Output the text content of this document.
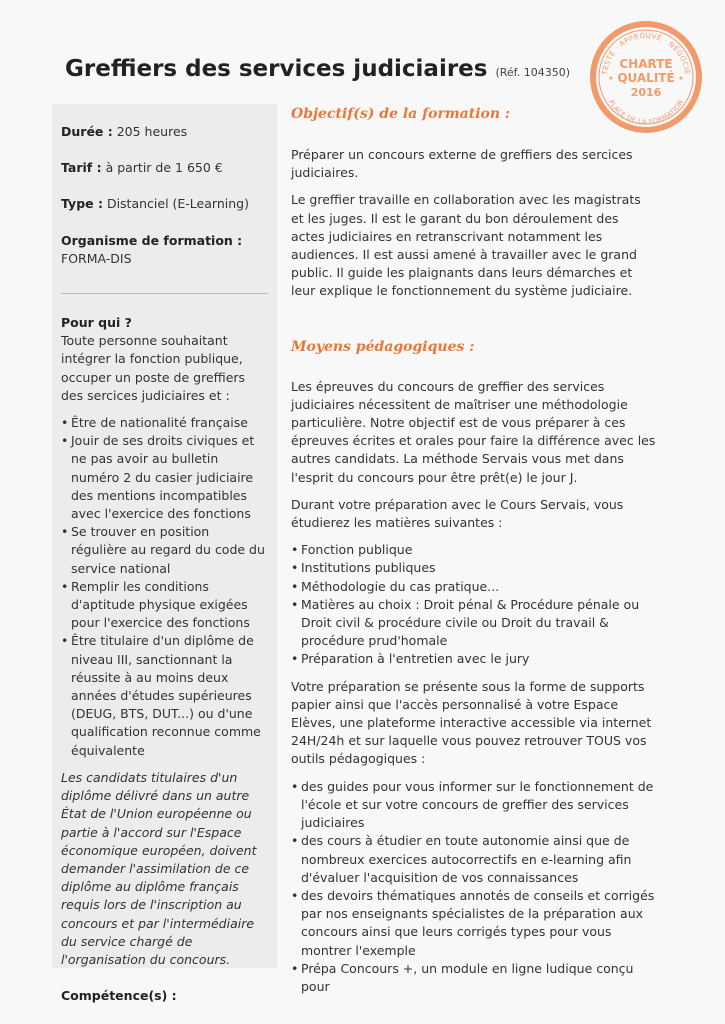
Greffiers des services judiciaires (Réf. 104350)	TESTÉ · APPROUVÉ · NÉGOCIÉ
PLACE DE LA FORMATION
CHARTE
QUALITÉ
2016
★	★

Durée : 205 heures

Tarif : à partir de 1 650 €

Type : Distanciel (E-Learning)

Organisme de formation :
FORMA-DIS

Pour qui ?
Toute personne souhaitant intégrer la fonction publique, occuper un poste de greffiers des sercices judiciaires et :

• Être de nationalité française
• Jouir de ses droits civiques et ne pas avoir au bulletin numéro 2 du casier judiciaire des mentions incompatibles avec l'exercice des fonctions
• Se trouver en position régulière au regard du code du service national
• Remplir les conditions d'aptitude physique exigées pour l'exercice des fonctions
• Être titulaire d'un diplôme de niveau III, sanctionnant la réussite à au moins deux années d'études supérieures (DEUG, BTS, DUT...) ou d'une qualification reconnue comme équivalente

Les candidats titulaires d'un diplôme délivré dans un autre État de l'Union européenne ou partie à l'accord sur l'Espace économique européen, doivent demander l'assimilation de ce diplôme au diplôme français requis lors de l'inscription au concours et par l'intermédiaire du service chargé de l'organisation du concours.

Compétence(s) :

Objectif(s) de la formation :

Préparer un concours externe de greffiers des sercices judiciaires.

Le greffier travaille en collaboration avec les magistrats et les juges. Il est le garant du bon déroulement des actes judiciaires en retranscrivant notamment les audiences. Il est aussi amené à travailler avec le grand public. Il guide les plaignants dans leurs démarches et leur explique le fonctionnement du système judiciaire.

Moyens pédagogiques :

Les épreuves du concours de greffier des services judiciaires nécessitent de maîtriser une méthodologie particulière. Notre objectif est de vous préparer à ces épreuves écrites et orales pour faire la différence avec les autres candidats. La méthode Servais vous met dans l'esprit du concours pour être prêt(e) le jour J.

Durant votre préparation avec le Cours Servais, vous étudierez les matières suivantes :

• Fonction publique
• Institutions publiques
• Méthodologie du cas pratique...
• Matières au choix : Droit pénal & Procédure pénale ou Droit civil & procédure civile ou Droit du travail & procédure prud'homale
• Préparation à l'entretien avec le jury

Votre préparation se présente sous la forme de supports papier ainsi que l'accès personnalisé à votre Espace Elèves, une plateforme interactive accessible via internet 24H/24h et sur laquelle vous pouvez retrouver TOUS vos outils pédagogiques :

• des guides pour vous informer sur le fonctionnement de l'école et sur votre concours de greffier des services judiciaires
• des cours à étudier en toute autonomie ainsi que de nombreux exercices autocorrectifs en e-learning afin d'évaluer l'acquisition de vos connaissances
• des devoirs thématiques annotés de conseils et corrigés par nos enseignants spécialistes de la préparation aux concours ainsi que leurs corrigés types pour vous montrer l'exemple
• Prépa Concours +, un module en ligne ludique conçu pour
